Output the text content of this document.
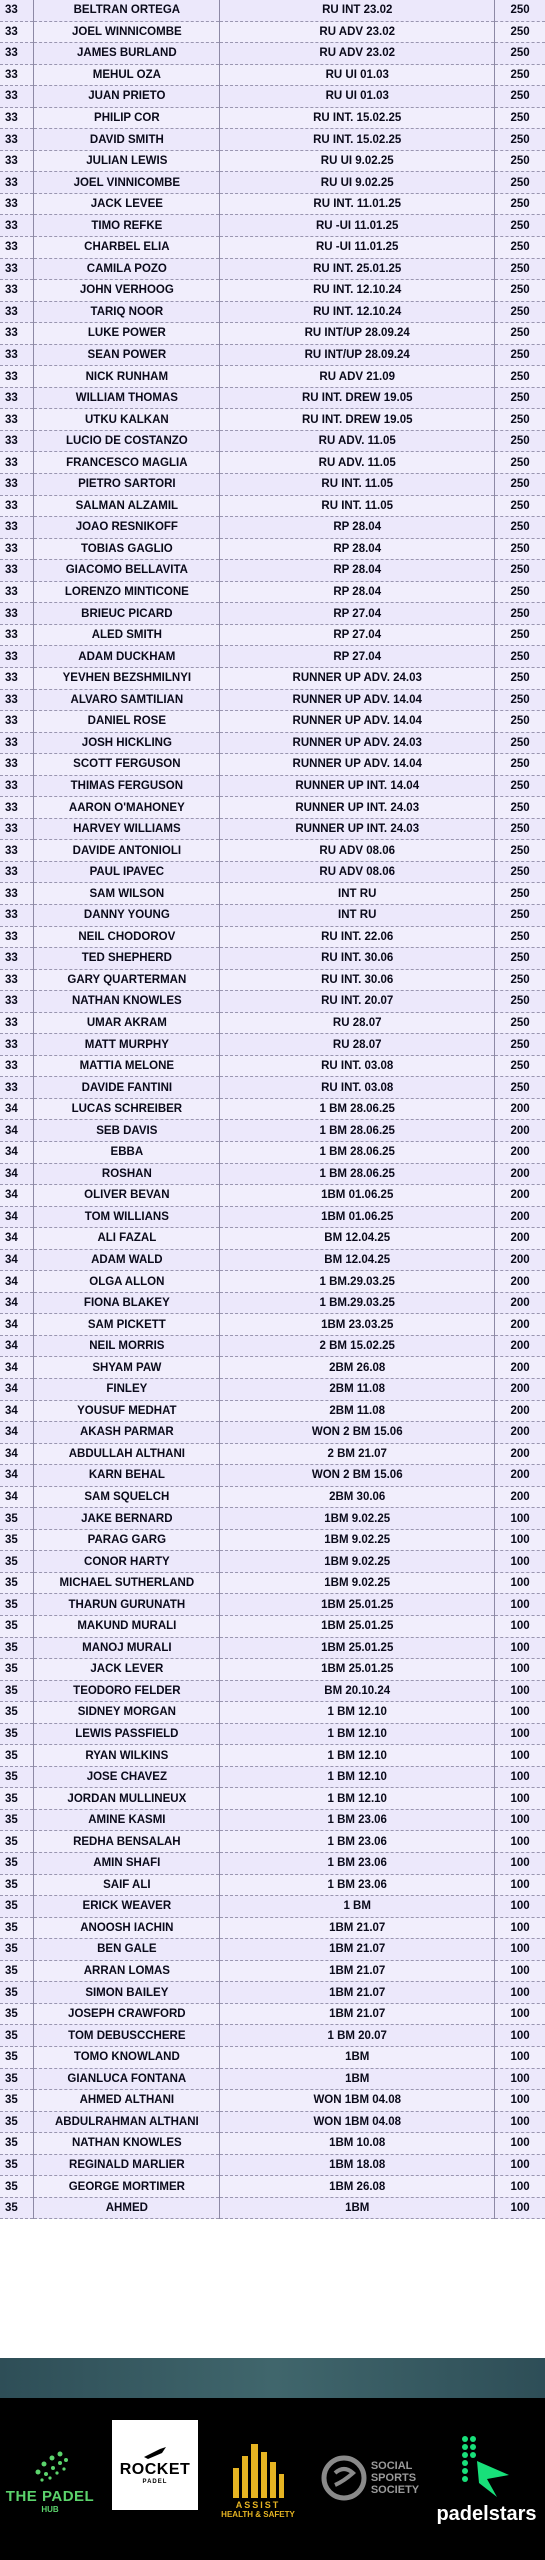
33	BELTRAN ORTEGA	RU INT 23.02	250
33	JOEL WINNICOMBE	RU ADV 23.02	250
33	JAMES BURLAND	RU ADV 23.02	250
33	MEHUL OZA	RU UI 01.03	250
33	JUAN PRIETO	RU UI 01.03	250
33	PHILIP COR	RU INT. 15.02.25	250
33	DAVID SMITH	RU INT. 15.02.25	250
33	JULIAN LEWIS	RU UI 9.02.25	250
33	JOEL VINNICOMBE	RU UI 9.02.25	250
33	JACK LEVEE	RU INT. 11.01.25	250
33	TIMO REFKE	RU -UI 11.01.25	250
33	CHARBEL ELIA	RU -UI 11.01.25	250
33	CAMILA POZO	RU INT. 25.01.25	250
33	JOHN VERHOOG	RU INT. 12.10.24	250
33	TARIQ NOOR	RU INT. 12.10.24	250
33	LUKE POWER	RU INT/UP 28.09.24	250
33	SEAN POWER	RU INT/UP 28.09.24	250
33	NICK RUNHAM	RU ADV 21.09	250
33	WILLIAM THOMAS	RU INT. DREW 19.05	250
33	UTKU KALKAN	RU INT. DREW 19.05	250
33	LUCIO DE COSTANZO	RU ADV. 11.05	250
33	FRANCESCO MAGLIA	RU ADV. 11.05	250
33	PIETRO SARTORI	RU INT. 11.05	250
33	SALMAN ALZAMIL	RU INT. 11.05	250
33	JOAO RESNIKOFF	RP 28.04	250
33	TOBIAS GAGLIO	RP 28.04	250
33	GIACOMO BELLAVITA	RP 28.04	250
33	LORENZO MINTICONE	RP 28.04	250
33	BRIEUC PICARD	RP 27.04	250
33	ALED SMITH	RP 27.04	250
33	ADAM DUCKHAM	RP 27.04	250
33	YEVHEN BEZSHMILNYI	RUNNER UP ADV. 24.03	250
33	ALVARO SAMTILIAN	RUNNER UP ADV. 14.04	250
33	DANIEL ROSE	RUNNER UP ADV. 14.04	250
33	JOSH HICKLING	RUNNER UP ADV. 24.03	250
33	SCOTT FERGUSON	RUNNER UP ADV. 14.04	250
33	THIMAS FERGUSON	RUNNER UP INT. 14.04	250
33	AARON O'MAHONEY	RUNNER UP INT. 24.03	250
33	HARVEY WILLIAMS	RUNNER UP INT. 24.03	250
33	DAVIDE ANTONIOLI	RU ADV 08.06	250
33	PAUL IPAVEC	RU ADV 08.06	250
33	SAM WILSON	INT RU	250
33	DANNY YOUNG	INT RU	250
33	NEIL CHODOROV	RU INT. 22.06	250
33	TED SHEPHERD	RU INT. 30.06	250
33	GARY QUARTERMAN	RU INT. 30.06	250
33	NATHAN KNOWLES	RU INT. 20.07	250
33	UMAR AKRAM	RU 28.07	250
33	MATT MURPHY	RU 28.07	250
33	MATTIA MELONE	RU INT. 03.08	250
33	DAVIDE FANTINI	RU INT. 03.08	250
34	LUCAS SCHREIBER	1 BM 28.06.25	200
34	SEB DAVIS	1 BM 28.06.25	200
34	EBBA	1 BM 28.06.25	200
34	ROSHAN	1 BM 28.06.25	200
34	OLIVER BEVAN	1BM 01.06.25	200
34	TOM WILLIANS	1BM 01.06.25	200
34	ALI FAZAL	BM 12.04.25	200
34	ADAM WALD	BM 12.04.25	200
34	OLGA ALLON	1 BM.29.03.25	200
34	FIONA BLAKEY	1 BM.29.03.25	200
34	SAM PICKETT	1BM 23.03.25	200
34	NEIL MORRIS	2 BM 15.02.25	200
34	SHYAM PAW	2BM 26.08	200
34	FINLEY	2BM 11.08	200
34	YOUSUF MEDHAT	2BM 11.08	200
34	AKASH PARMAR	WON 2 BM 15.06	200
34	ABDULLAH ALTHANI	2 BM 21.07	200
34	KARN BEHAL	WON 2 BM 15.06	200
34	SAM SQUELCH	2BM 30.06	200
35	JAKE BERNARD	1BM 9.02.25	100
35	PARAG GARG	1BM 9.02.25	100
35	CONOR HARTY	1BM 9.02.25	100
35	MICHAEL SUTHERLAND	1BM 9.02.25	100
35	THARUN GURUNATH	1BM 25.01.25	100
35	MAKUND MURALI	1BM 25.01.25	100
35	MANOJ MURALI	1BM 25.01.25	100
35	JACK LEVER	1BM 25.01.25	100
35	TEODORO FELDER	BM 20.10.24	100
35	SIDNEY MORGAN	1 BM 12.10	100
35	LEWIS PASSFIELD	1 BM 12.10	100
35	RYAN WILKINS	1 BM 12.10	100
35	JOSE CHAVEZ	1 BM 12.10	100
35	JORDAN MULLINEUX	1 BM 12.10	100
35	AMINE KASMI	1 BM 23.06	100
35	REDHA BENSALAH	1 BM 23.06	100
35	AMIN SHAFI	1 BM 23.06	100
35	SAIF ALI	1 BM 23.06	100
35	ERICK WEAVER	1 BM	100
35	ANOOSH IACHIN	1BM 21.07	100
35	BEN GALE	1BM 21.07	100
35	ARRAN LOMAS	1BM 21.07	100
35	SIMON BAILEY	1BM 21.07	100
35	JOSEPH CRAWFORD	1BM 21.07	100
35	TOM DEBUSCCHERE	1 BM 20.07	100
35	TOMO KNOWLAND	1BM	100
35	GIANLUCA FONTANA	1BM	100
35	AHMED ALTHANI	WON 1BM 04.08	100
35	ABDULRAHMAN ALTHANI	WON 1BM 04.08	100
35	NATHAN KNOWLES	1BM 10.08	100
35	REGINALD MARLIER	1BM 18.08	100
35	GEORGE MORTIMER	1BM 26.08	100
35	AHMED	1BM	100
THE PADEL
HUB
ROCKET
PADEL
ASSIST
HEALTH & SAFETY
SOCIAL
SPORTS
SOCIETY
padelstars
